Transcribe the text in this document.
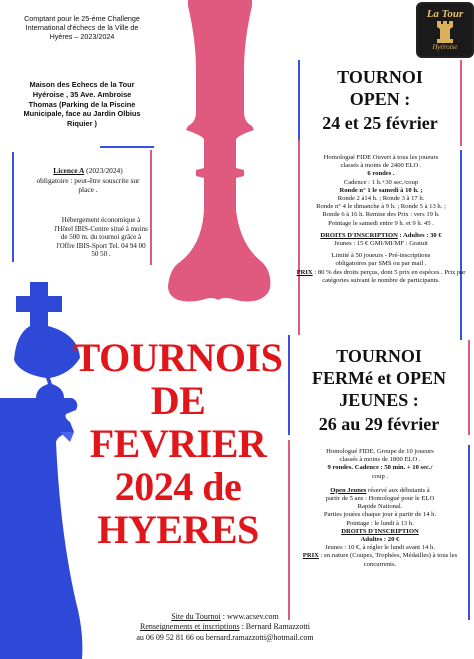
La Tour
Hyéroise
Comptant pour le 25-ème Challenge International d'échecs de la Ville de Hyères – 2023/2024
Maison des Echecs de la Tour Hyéroise , 35 Ave. Ambroise Thomas (Parking de la Piscine Municipale, face au Jardin Olbius Riquier )
Licence A (2023/2024)
obligatoire : peut-être souscrite sur place .
Hébergement économique à l'Hôtel IBIS-Centre situé à moins de 500 m. du tournoi grâce à l'Offre IBIS-Sport Tel. 04 94 00 50 50 .
TOURNOI
OPEN :
24 et 25 février
Homologué FIDE Ouvert à tous les joueurs
classés à moins de 2400 ELO .
6 rondes .
Cadence : 1 h.+30 sec./coup
Ronde n° 1 le samedi à 10 h. ;
Ronde 2 à14 h. ; Ronde 3 à 17 h.
Ronde n° 4 le dimanche à 9 h. ; Ronde 5 à 13 h. ;
Ronde 6 à 16 h. Remise des Prix : vers 19 h.
Pointage le samedi entre 9 h. et 9 h. 45 .
DROITS D'INSCRIPTION : Adultes : 30 €
Jeunes : 15 € GMI/MI/MF : Gratuit
Limité à 50 joueurs - Pré-inscriptions
obligatoires par SMS ou par mail .
PRIX : 80 % des droits perçus, dont 5 prix en espèces . Prix par catégories suivant le nombre de participants.
TOURNOI
FERMé et OPEN
JEUNES :
26 au 29 février
Homologué FIDE. Groupe de 10 joueurs
classés à moins de 1800 ELO .
9 rondes. Cadence : 50 min. + 10 sec./
coup .
Open Jeunes réservé aux débutants à
partir de 5 ans : Homologué pour le ELO
Rapide National.
Parties jouées chaque jour à partir de 14 h.
Pointage : le lundi à 13 h.
DROITS D'INSCRIPTION
Adultes : 20 €
Jeunes : 10 €, à régler le lundi avant 14 h.
PRIX : en nature (Coupes, Trophées, Médailles) à tous les concurrents.
TOURNOIS
DE
FEVRIER
2024 de
HYERES
Site du Tournoi : www.acsev.com
Renseignements et inscriptions : Bernard Ramazzotti
au 06 09 52 81 66 ou bernard.ramazzotti@hotmail.com
